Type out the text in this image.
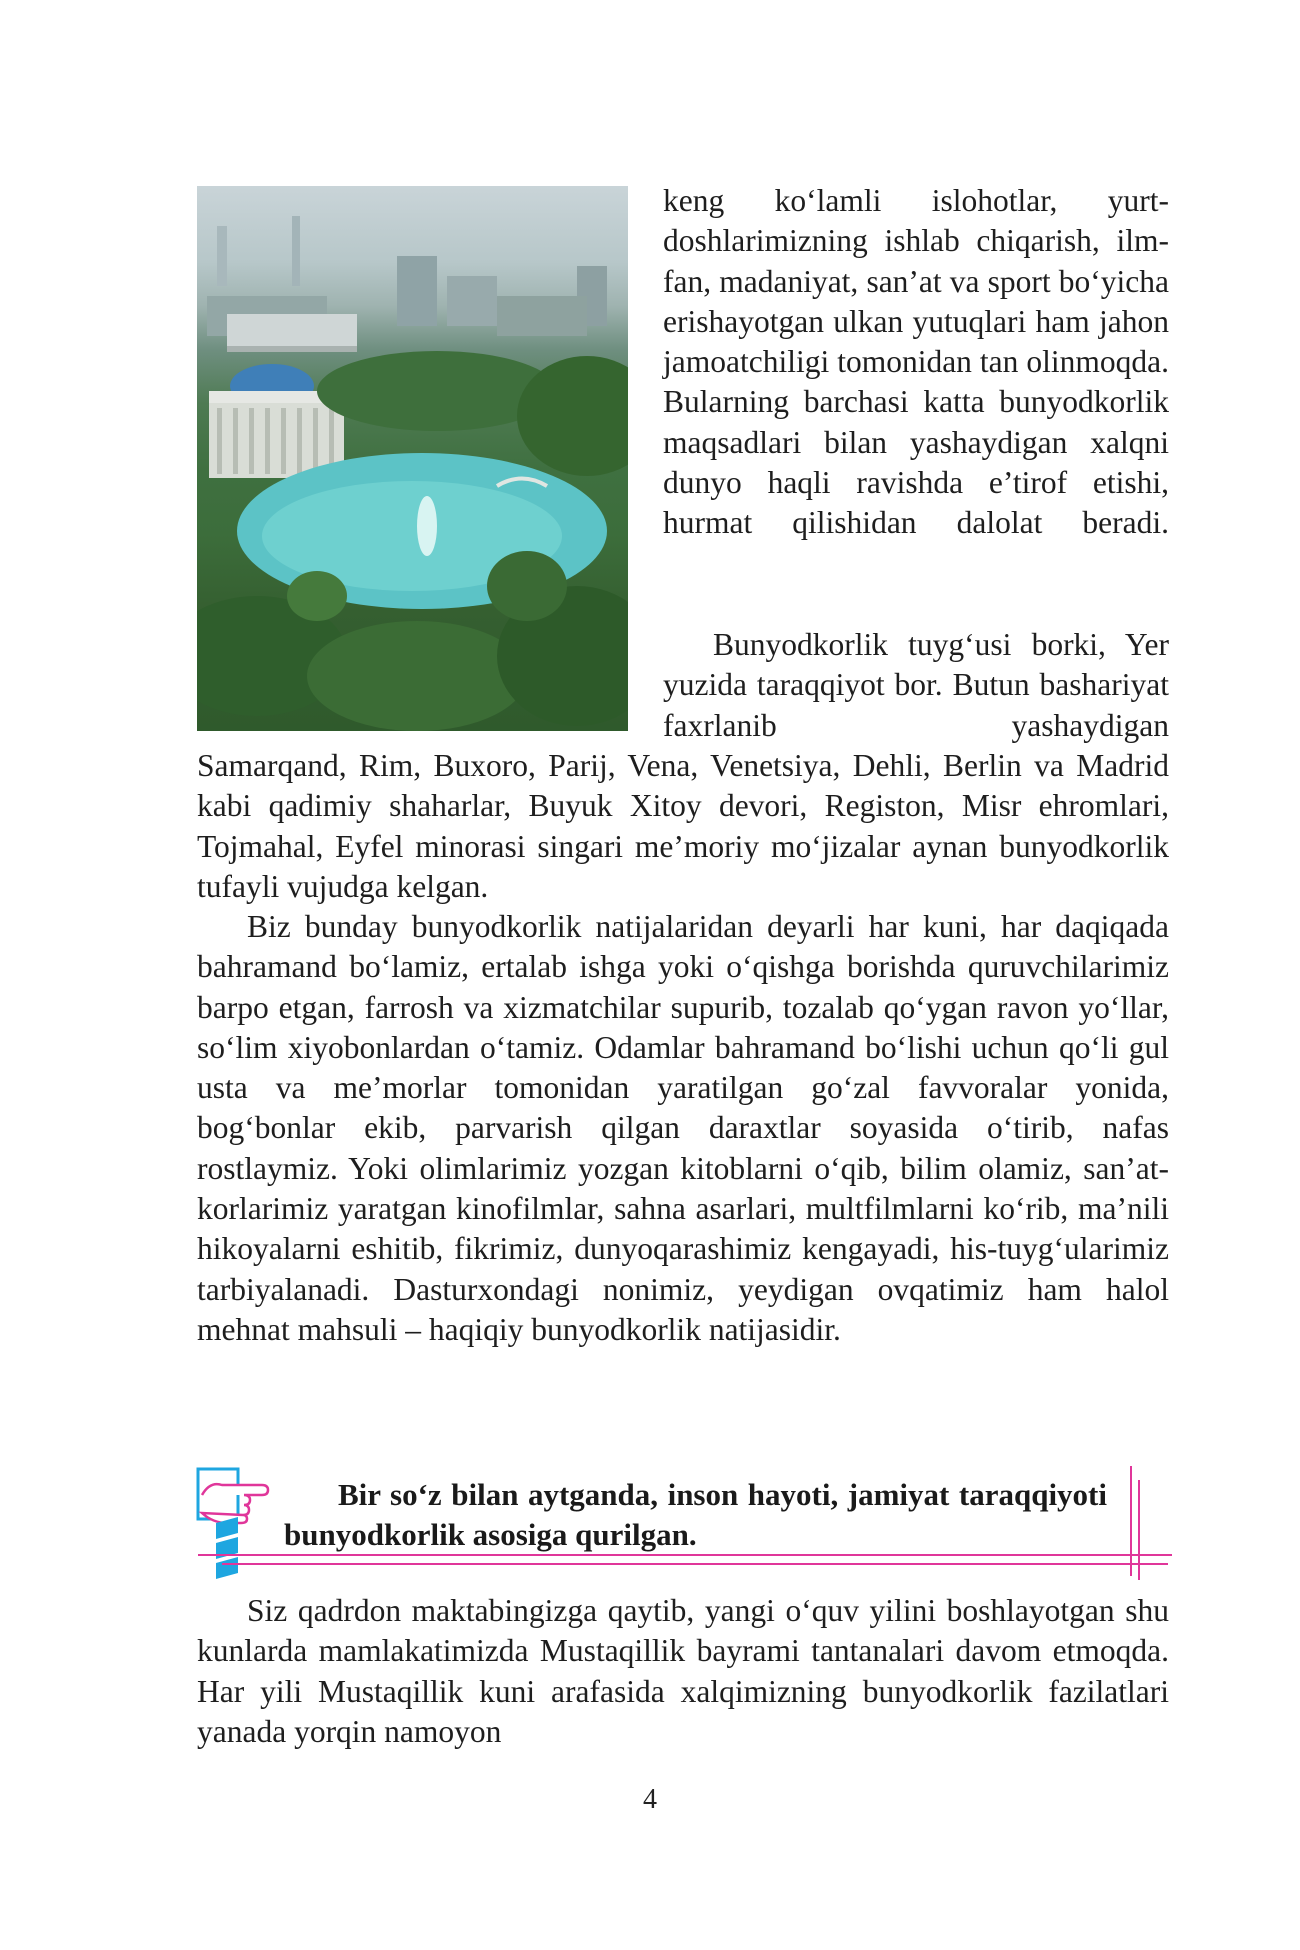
keng ko‘lamli islohotlar, yurtdoshlarimizning ishlab chiqarish, ilm-fan, madaniyat, san’at va sport bo‘yicha erishayotgan ulkan yutuqlari ham jahon jamoatchiligi tomonidan tan olinmoqda. Bularning barchasi katta bunyodkorlik maqsadlari bilan yashaydigan xalqni dunyo haqli ravishda e’tirof etishi, hurmat qilishidan dalolat beradi.

Bunyodkorlik tuyg‘usi borki, Yer yuzida taraqqiyot bor. Butun bashariyat faxrlanib yashaydigan

Samarqand, Rim, Buxoro, Parij, Vena, Venetsiya, Dehli, Berlin va Madrid kabi qadimiy shaharlar, Buyuk Xitoy devori, Registon, Misr ehromlari, Tojmahal, Eyfel minorasi singari me’moriy mo‘jizalar aynan bunyodkorlik tufayli vujudga kelgan.

Biz bunday bunyodkorlik natijalaridan deyarli har kuni, har daqiqada bahramand bo‘lamiz, ertalab ishga yoki o‘qishga borishda quruvchilarimiz barpo etgan, farrosh va xizmatchilar supurib, tozalab qo‘ygan ravon yo‘llar, so‘lim xiyobonlardan o‘tamiz. Odamlar bahramand bo‘lishi uchun qo‘li gul usta va me’morlar tomonidan yaratilgan go‘zal favvoralar yonida, bog‘bonlar ekib, parvarish qilgan daraxtlar soyasida o‘tirib, nafas rostlaymiz. Yoki olimlarimiz yozgan kitoblarni o‘qib, bilim olamiz, san’atkorlarimiz yaratgan kinofilmlar, sahna asarlari, multfilmlarni ko‘rib, ma’nili hikoyalarni eshitib, fikrimiz, dunyoqarashimiz kengayadi, his-tuyg‘ularimiz tarbiyalanadi. Dasturxondagi nonimiz, yeydigan ovqatimiz ham halol mehnat mahsuli – haqiqiy bunyodkorlik natijasidir.

Bir so‘z bilan aytganda, inson hayoti, jamiyat taraqqiyoti bunyodkorlik asosiga qurilgan.

Siz qadrdon maktabingizga qaytib, yangi o‘quv yilini boshlayotgan shu kunlarda mamlakatimizda Mustaqillik bayrami tantanalari davom etmoqda. Har yili Mustaqillik kuni arafasida xalqimizning bunyodkorlik fazilatlari yanada yorqin namoyon

4
